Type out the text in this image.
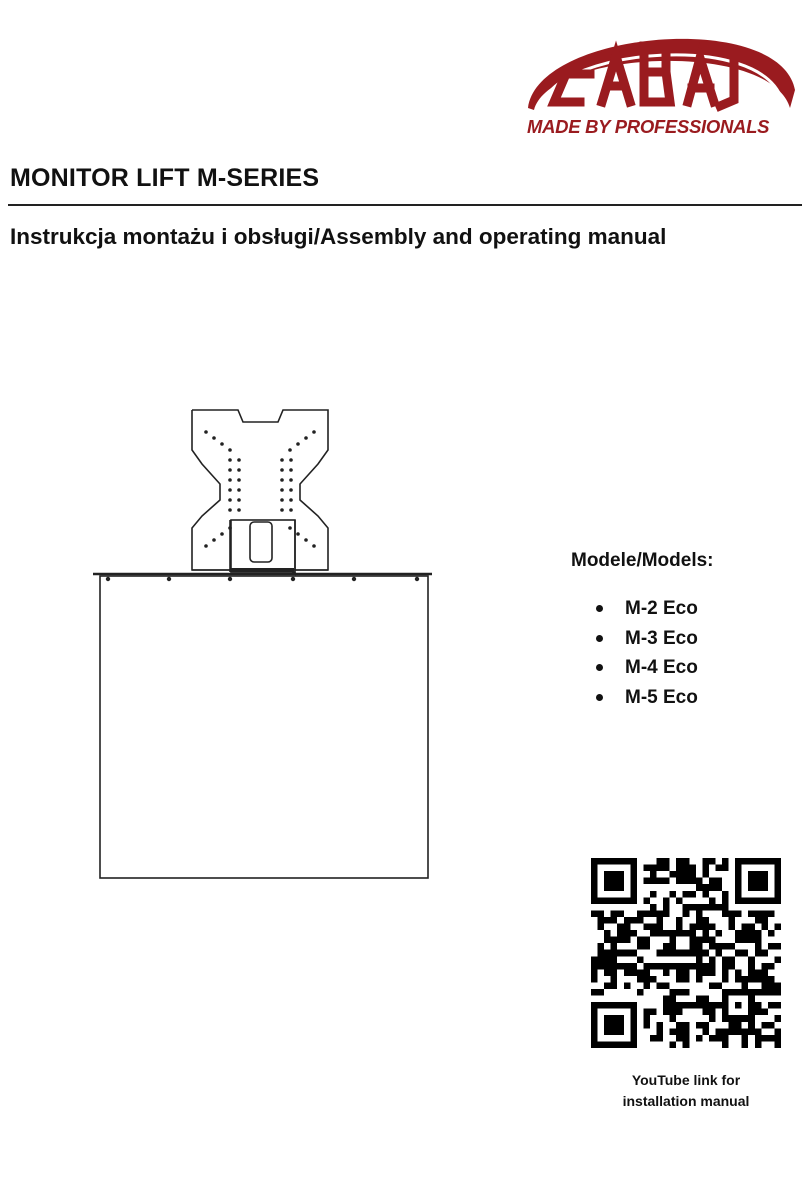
MADE BY PROFESSIONALS
MONITOR LIFT M-SERIES
Instrukcja montażu i obsługi/Assembly and operating manual
Modele/Models:
M-2 Eco
M-3 Eco
M-4 Eco
M-5 Eco
YouTube link for
installation manual
